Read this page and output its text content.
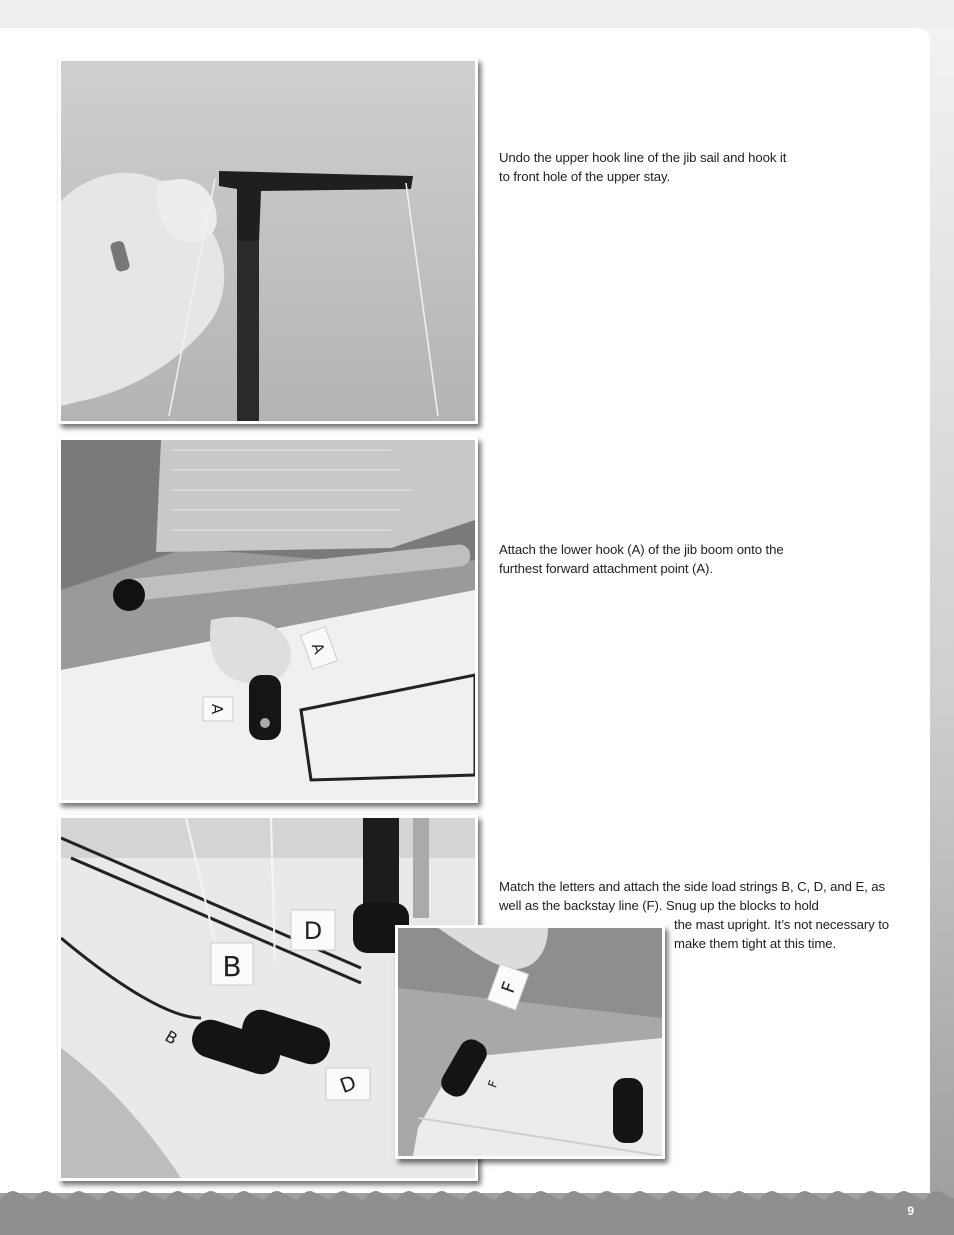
A
A
B
D
B
D
F
F
Undo the upper hook line of the jib sail and hook it to front hole of the upper stay.
Attach the lower hook (A) of the jib boom onto the furthest forward attachment point (A).
Match the letters and attach the side load strings B, C, D, and E, as well as the backstay line (F). Snug up the blocks to hold
the mast upright. It’s not necessary to make them tight at this time.
9
